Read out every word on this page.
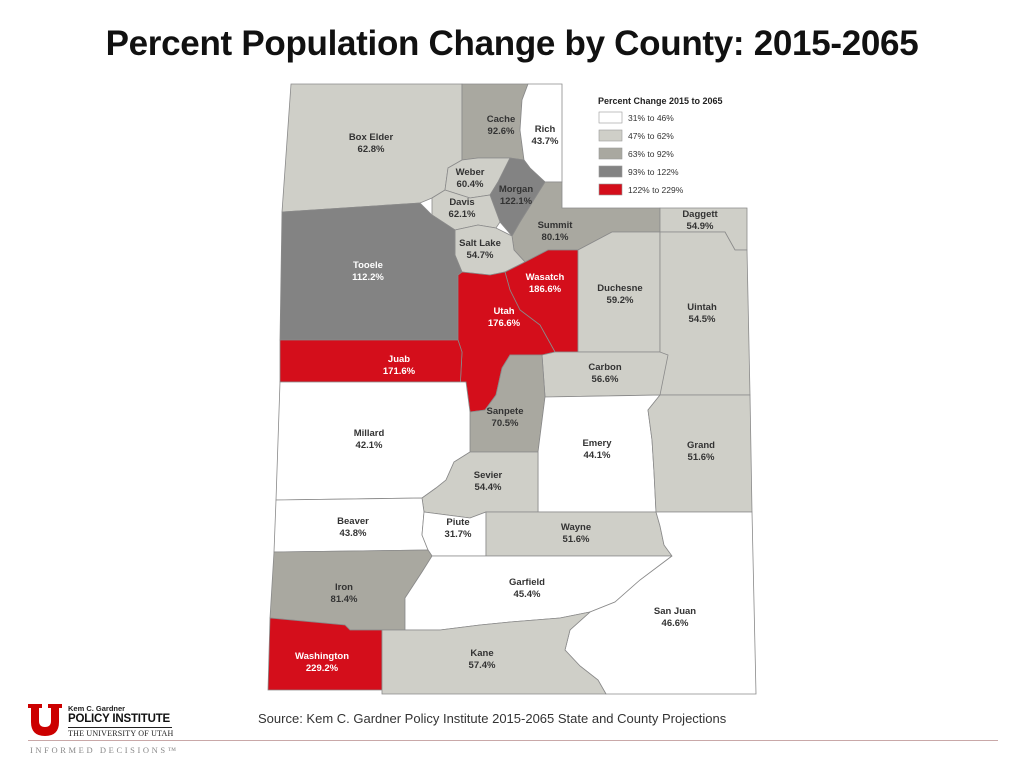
Percent Population Change by County: 2015-2065
Box Elder 62.8%
Cache 92.6%	Rich 43.7%
Weber 60.4% Morgan 122.1%
Davis 62.1%
Summit 80.1%
Daggett 54.9%
Salt Lake 54.7%
Tooele 112.2%	Wasatch 186.6%	Duchesne 59.2%
Uintah 54.5%
Utah 176.6%
Juab 171.6%	Carbon 56.6%
Sanpete 70.5%
Millard 42.1%	Emery 44.1%
Grand 51.6%
Sevier 54.4%
Beaver 43.8%
Piute 31.7%
Wayne 51.6%
Iron 81.4%
Garfield 45.4%
San Juan 46.6%
Washington 229.2%
Kane 57.4%
Percent Change 2015 to 2065
31% to 46%
47% to 62%
63% to 92%
93% to 122%
122% to 229%
Source: Kem C. Gardner Policy Institute 2015-2065 State and County Projections
Kem C. Gardner
POLICY INSTITUTE
THE UNIVERSITY OF UTAH
INFORMED DECISIONS™
